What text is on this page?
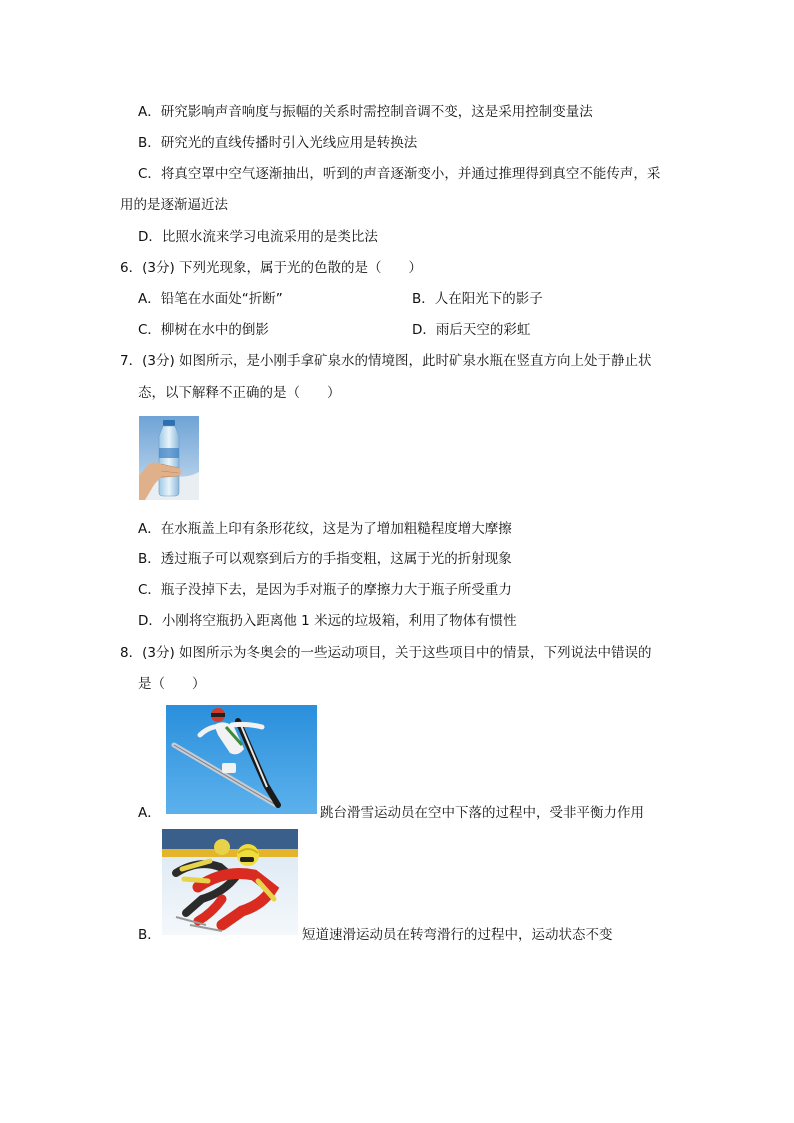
A．研究影响声音响度与振幅的关系时需控制音调不变，这是采用控制变量法
B．研究光的直线传播时引入光线应用是转换法
C．将真空罩中空气逐渐抽出，听到的声音逐渐变小，并通过推理得到真空不能传声，采
用的是逐渐逼近法
D．比照水流来学习电流采用的是类比法
6．(3分) 下列光现象，属于光的色散的是（　　）
A．铅笔在水面处“折断”	B．人在阳光下的影子
C．柳树在水中的倒影	D．雨后天空的彩虹
7．(3分) 如图所示，是小刚手拿矿泉水的情境图，此时矿泉水瓶在竖直方向上处于静止状
态，以下解释不正确的是（　　）
A．在水瓶盖上印有条形花纹，这是为了增加粗糙程度增大摩擦
B．透过瓶子可以观察到后方的手指变粗，这属于光的折射现象
C．瓶子没掉下去，是因为手对瓶子的摩擦力大于瓶子所受重力
D．小刚将空瓶扔入距离他 1 米远的垃圾箱，利用了物体有惯性
8．(3分) 如图所示为冬奥会的一些运动项目，关于这些项目中的情景，下列说法中错误的
是（　　）
A．	跳台滑雪运动员在空中下落的过程中，受非平衡力作用
B．	短道速滑运动员在转弯滑行的过程中，运动状态不变
